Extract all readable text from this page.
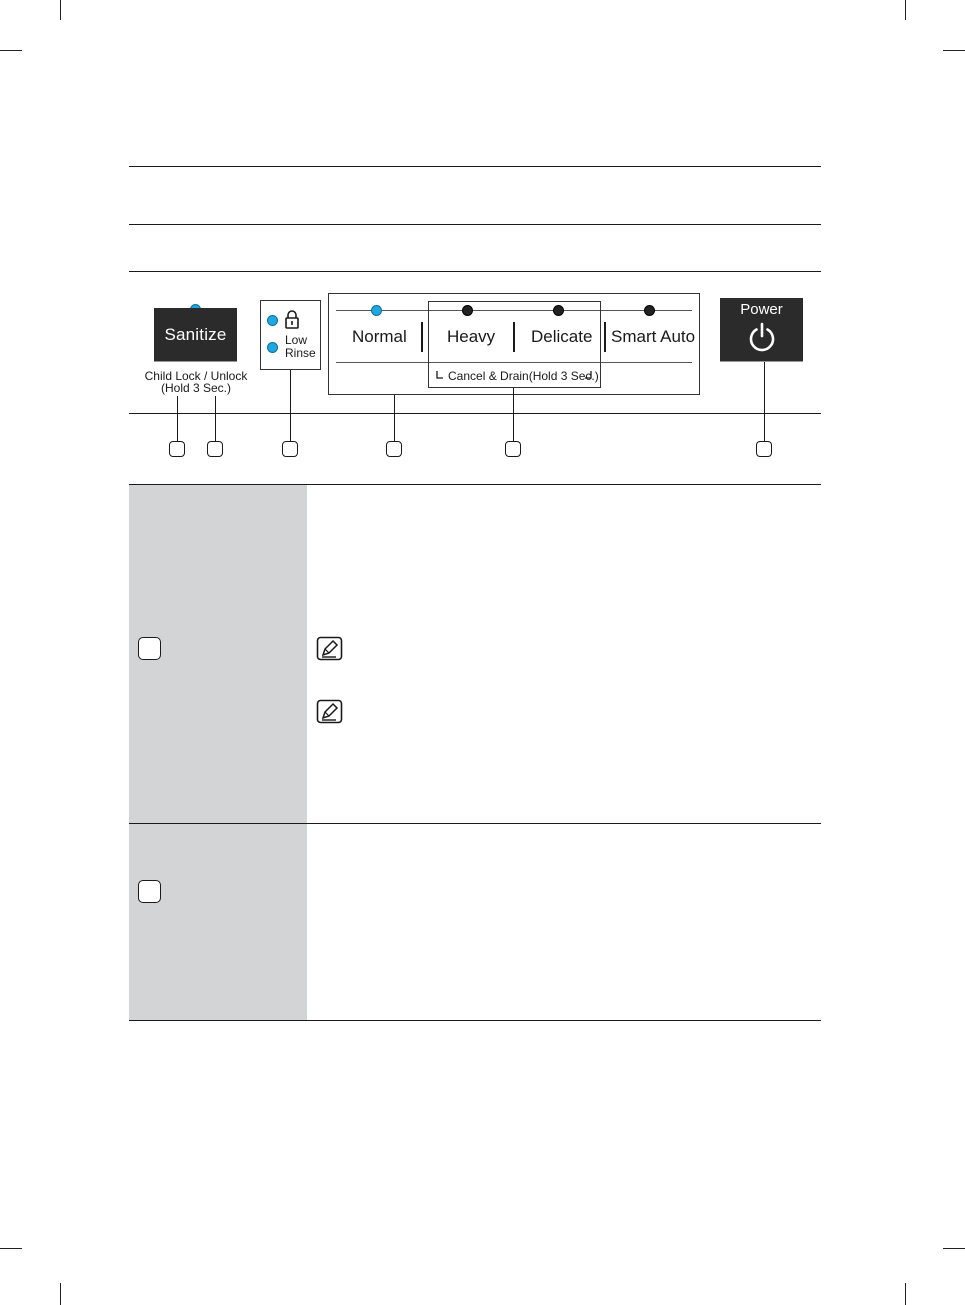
Sanitize
Child Lock / Unlock
(Hold 3 Sec.)
Low
Rinse
Normal Heavy Delicate Smart Auto
Cancel & Drain(Hold 3 Sec.)
Power
